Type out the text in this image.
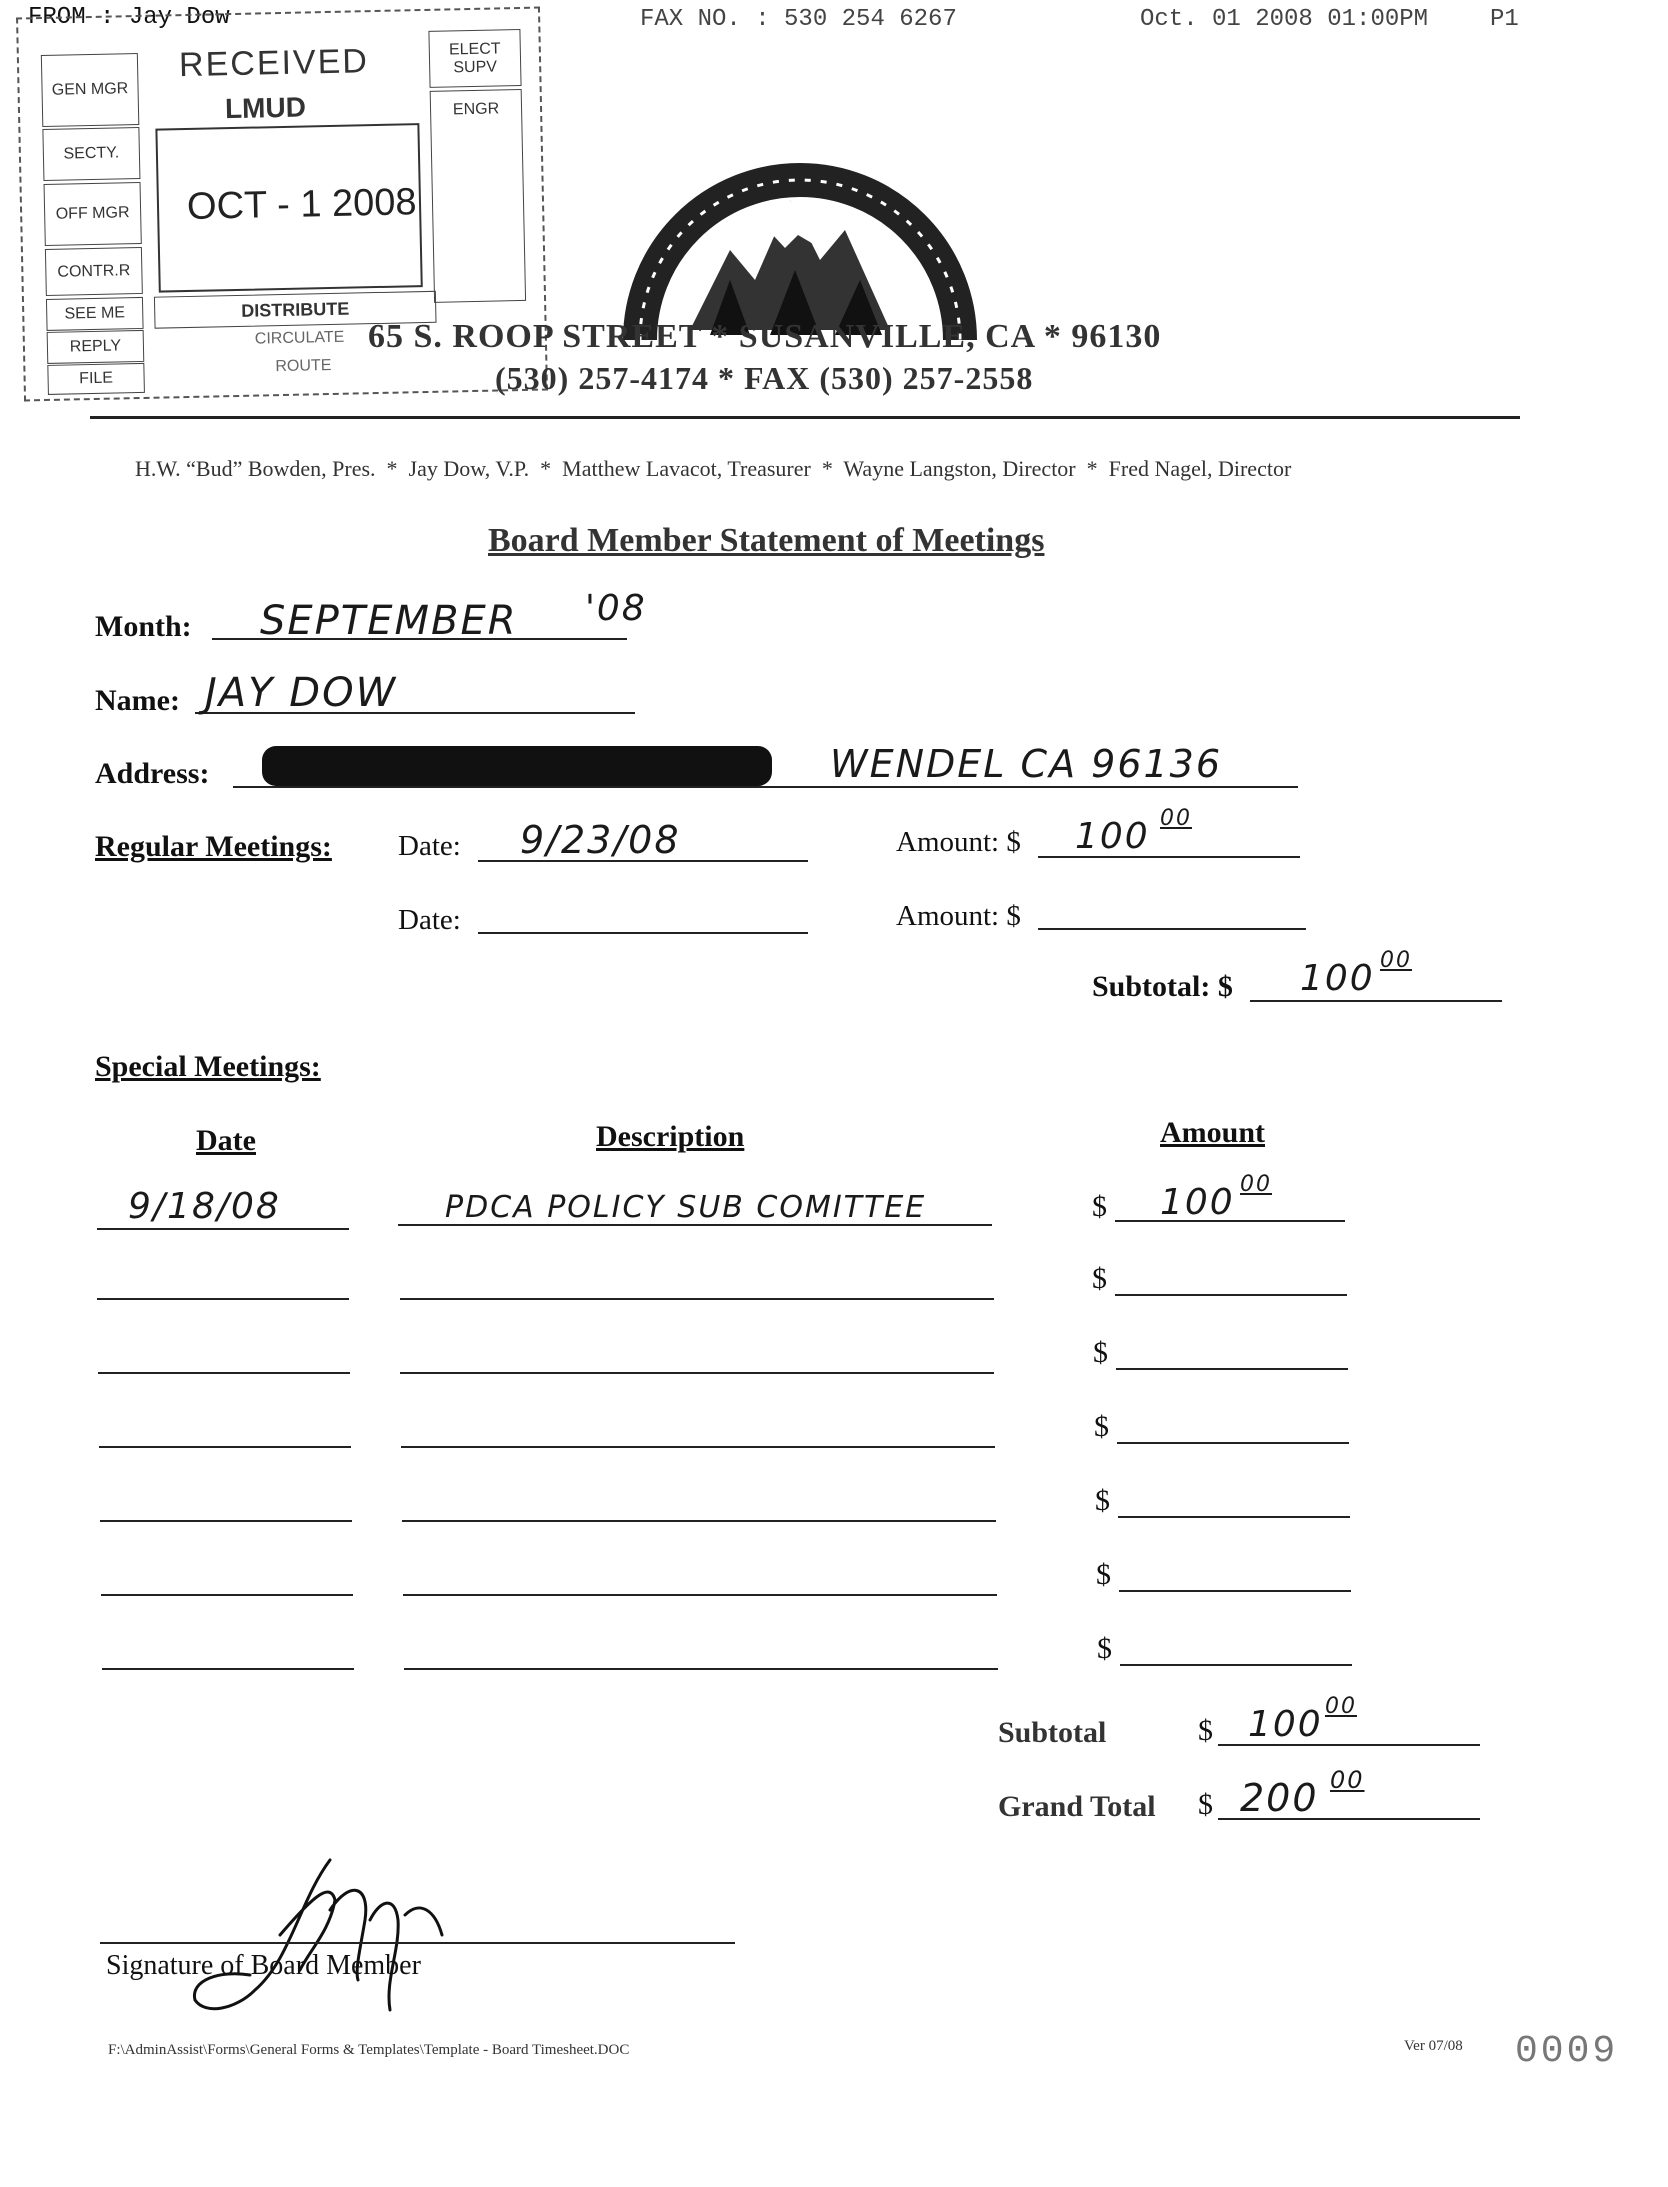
FROM : Jay Dow	FAX NO. : 530 254 6267	Oct. 01 2008 01:00PM	P1
GEN MGR
SECTY.
OFF MGR
CONTR.R
SEE ME
REPLY
FILE
ELECT SUPV
ENGR
RECEIVED
LMUD
OCT - 1 2008
DISTRIBUTE
CIRCULATE
ROUTE
65 S. ROOP STREET * SUSANVILLE, CA * 96130
(530) 257-4174 * FAX (530) 257-2558
H.W. “Bud” Bowden, Pres.  *  Jay Dow, V.P.  *  Matthew Lavacot, Treasurer  *  Wayne Langston, Director  *  Fred Nagel, Director
Board Member Statement of Meetings
Month: SEPTEMBER '08
Name: JAY DOW
Address:	WENDEL CA 96136
Regular Meetings: Date: 9/23/08	Amount: $ 100 00
Date:	Amount: $
Subtotal: $ 100 00
Special Meetings:
Date	Description	Amount
9/18/08	PDCA POLICY SUB COMITTEE	$ 100 00
$
$
$
$
$
$
Subtotal	$ 100 00
Grand Total $ 200 00
Signature of Board Member
F:\AdminAssist\Forms\General Forms & Templates\Template - Board Timesheet.DOC	Ver 07/08 0009
